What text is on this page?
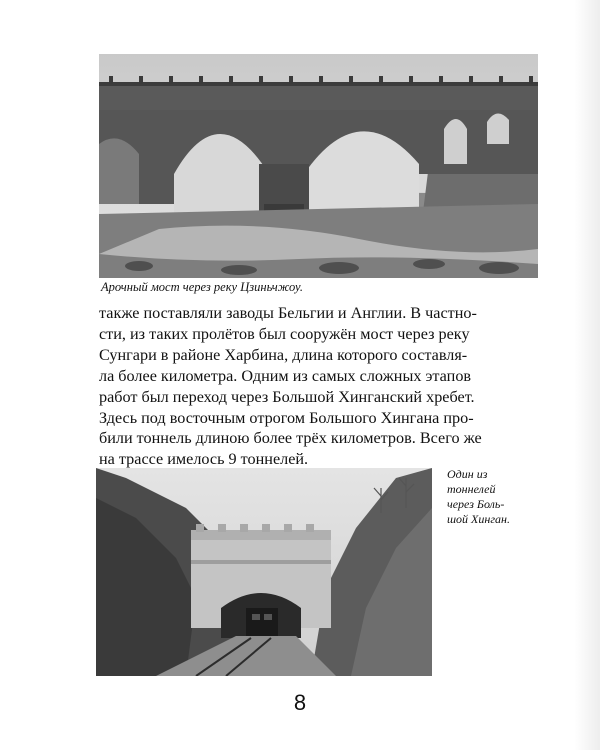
Арочный мост через реку Цзиньчжоу.
также поставляли заводы Бельгии и Англии. В частно-
сти, из таких пролётов был сооружён мост через реку
Сунгари в районе Харбина, длина которого составля-
ла более километра. Одним из самых сложных этапов
работ был переход через Большой Хинганский хребет.
Здесь под восточным отрогом Большого Хингана про-
били тоннель длиною более трёх километров. Всего же
на трассе имелось 9 тоннелей.
Один из
тоннелей
через Боль-
шой Хинган.
8
